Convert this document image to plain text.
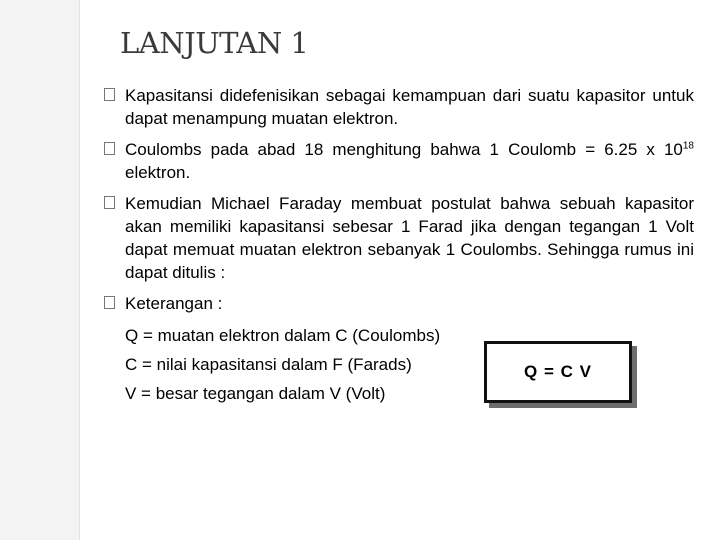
LANJUTAN 1
Kapasitansi didefenisikan sebagai kemampuan dari suatu kapasitor untuk dapat menampung muatan elektron.
Coulombs pada abad 18 menghitung bahwa 1 Coulomb = 6.25 x $10^{18}$ elektron.
Kemudian Michael Faraday membuat postulat bahwa sebuah kapasitor akan memiliki kapasitansi sebesar 1 Farad jika dengan tegangan 1 Volt dapat memuat muatan elektron sebanyak 1 Coulombs. Sehingga rumus ini dapat ditulis :
Keterangan :
Q = muatan elektron dalam C (Coulombs)
C = nilai kapasitansi dalam F (Farads)
V = besar tegangan dalam V (Volt)
Q = C V
